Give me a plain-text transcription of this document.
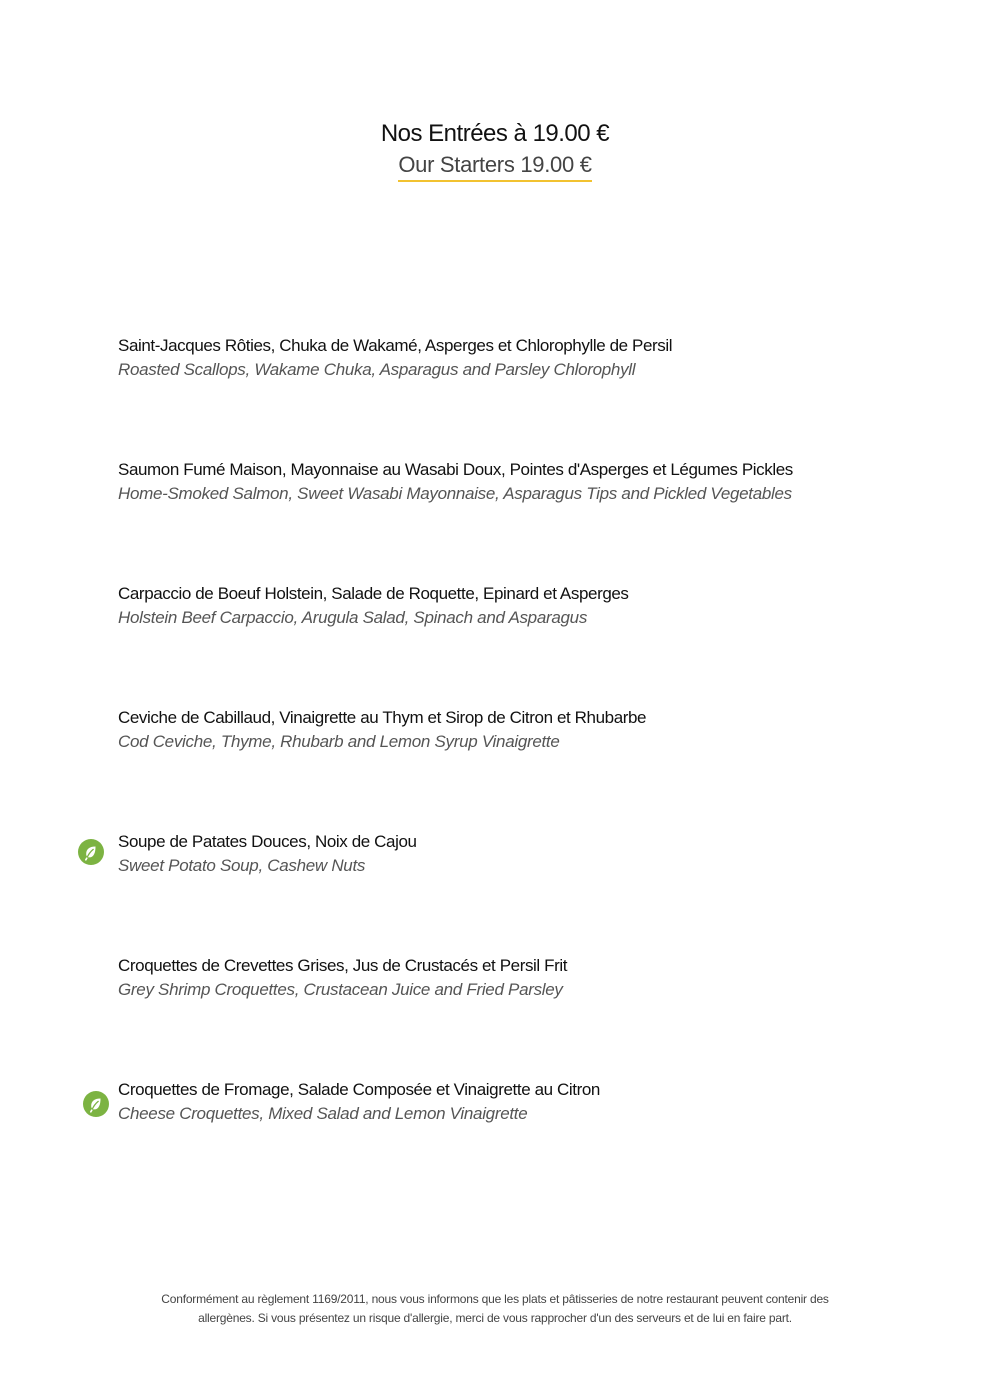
Nos Entrées à 19.00 €
Our Starters 19.00 €
Saint-Jacques Rôties, Chuka de Wakamé, Asperges et Chlorophylle de Persil
Roasted Scallops, Wakame Chuka, Asparagus and Parsley Chlorophyll
Saumon Fumé Maison, Mayonnaise au Wasabi Doux, Pointes d'Asperges et Légumes Pickles
Home-Smoked Salmon, Sweet Wasabi Mayonnaise, Asparagus Tips and Pickled Vegetables
Carpaccio de Boeuf Holstein, Salade de Roquette, Epinard et Asperges
Holstein Beef Carpaccio, Arugula Salad, Spinach and Asparagus
Ceviche de Cabillaud, Vinaigrette au Thym et Sirop de Citron et Rhubarbe
Cod Ceviche, Thyme, Rhubarb and Lemon Syrup Vinaigrette
Soupe de Patates Douces, Noix de Cajou
Sweet Potato Soup, Cashew Nuts
Croquettes de Crevettes Grises, Jus de Crustacés et Persil Frit
Grey Shrimp Croquettes, Crustacean Juice and Fried Parsley
Croquettes de Fromage, Salade Composée et Vinaigrette au Citron
Cheese Croquettes, Mixed Salad and Lemon Vinaigrette
Conformément au règlement 1169/2011, nous vous informons que les plats et pâtisseries de notre restaurant peuvent contenir des
allergènes. Si vous présentez un risque d'allergie, merci de vous rapprocher d'un des serveurs et de lui en faire part.
